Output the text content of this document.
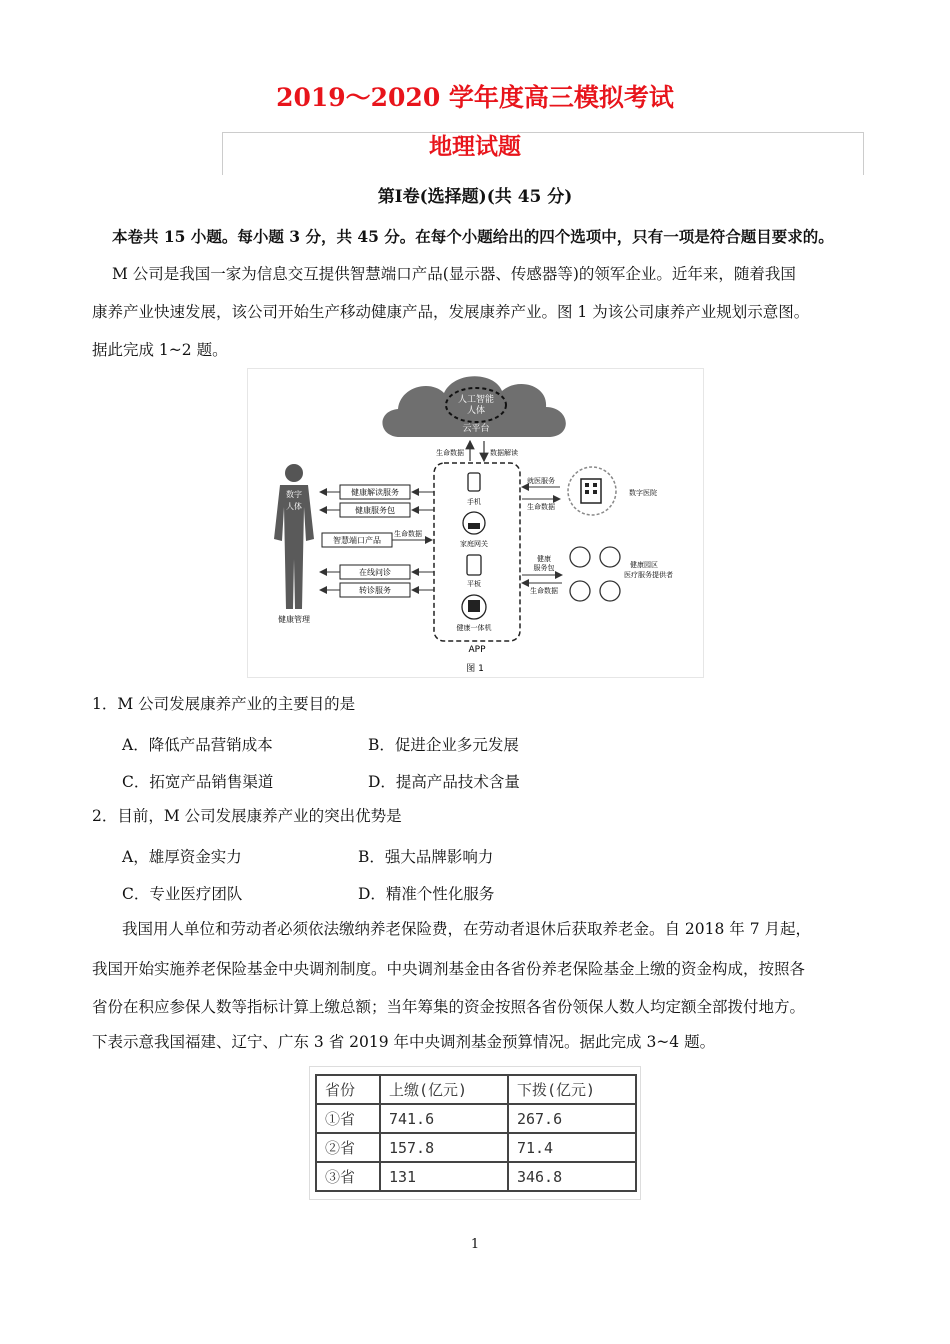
2019～2020 学年度高三模拟考试
地理试题
第Ⅰ卷(选择题)(共 45 分)
本卷共 15 小题。每小题 3 分，共 45 分。在每个小题给出的四个选项中，只有一项是符合题目要求的。
M 公司是我国一家为信息交互提供智慧端口产品(显示器、传感器等)的领军企业。近年来，随着我国
康养产业快速发展，该公司开始生产移动健康产品，发展康养产业。图 1 为该公司康养产业规划示意图。
据此完成 1~2 题。
人工智能
人体
云平台
生命数据	数据解读
手机
家庭网关
平板
健康一体机
APP
数字
人体
健康管理
健康解读服务
健康服务包
智慧端口产品
生命数据
在线问诊
转诊服务
就医服务
生命数据
数字医院
健康
服务包
生命数据
健康园区
医疗服务提供者
图 1
1．M 公司发展康养产业的主要目的是
A．降低产品营销成本	B．促进企业多元发展
C．拓宽产品销售渠道	D．提高产品技术含量
2．目前，M 公司发展康养产业的突出优势是
A，雄厚资金实力	B．强大品牌影响力
C．专业医疗团队	D．精准个性化服务
我国用人单位和劳动者必须依法缴纳养老保险费，在劳动者退休后获取养老金。自 2018 年 7 月起，
我国开始实施养老保险基金中央调剂制度。中央调剂基金由各省份养老保险基金上缴的资金构成，按照各
省份在积应参保人数等指标计算上缴总额；当年筹集的资金按照各省份领保人数人均定额全部拨付地方。
下表示意我国福建、辽宁、广东 3 省 2019 年中央调剂基金预算情况。据此完成 3~4 题。
省份	上缴(亿元)	下拨(亿元)
①省	741.6	267.6
②省	157.8	71.4
③省	131	346.8
1
